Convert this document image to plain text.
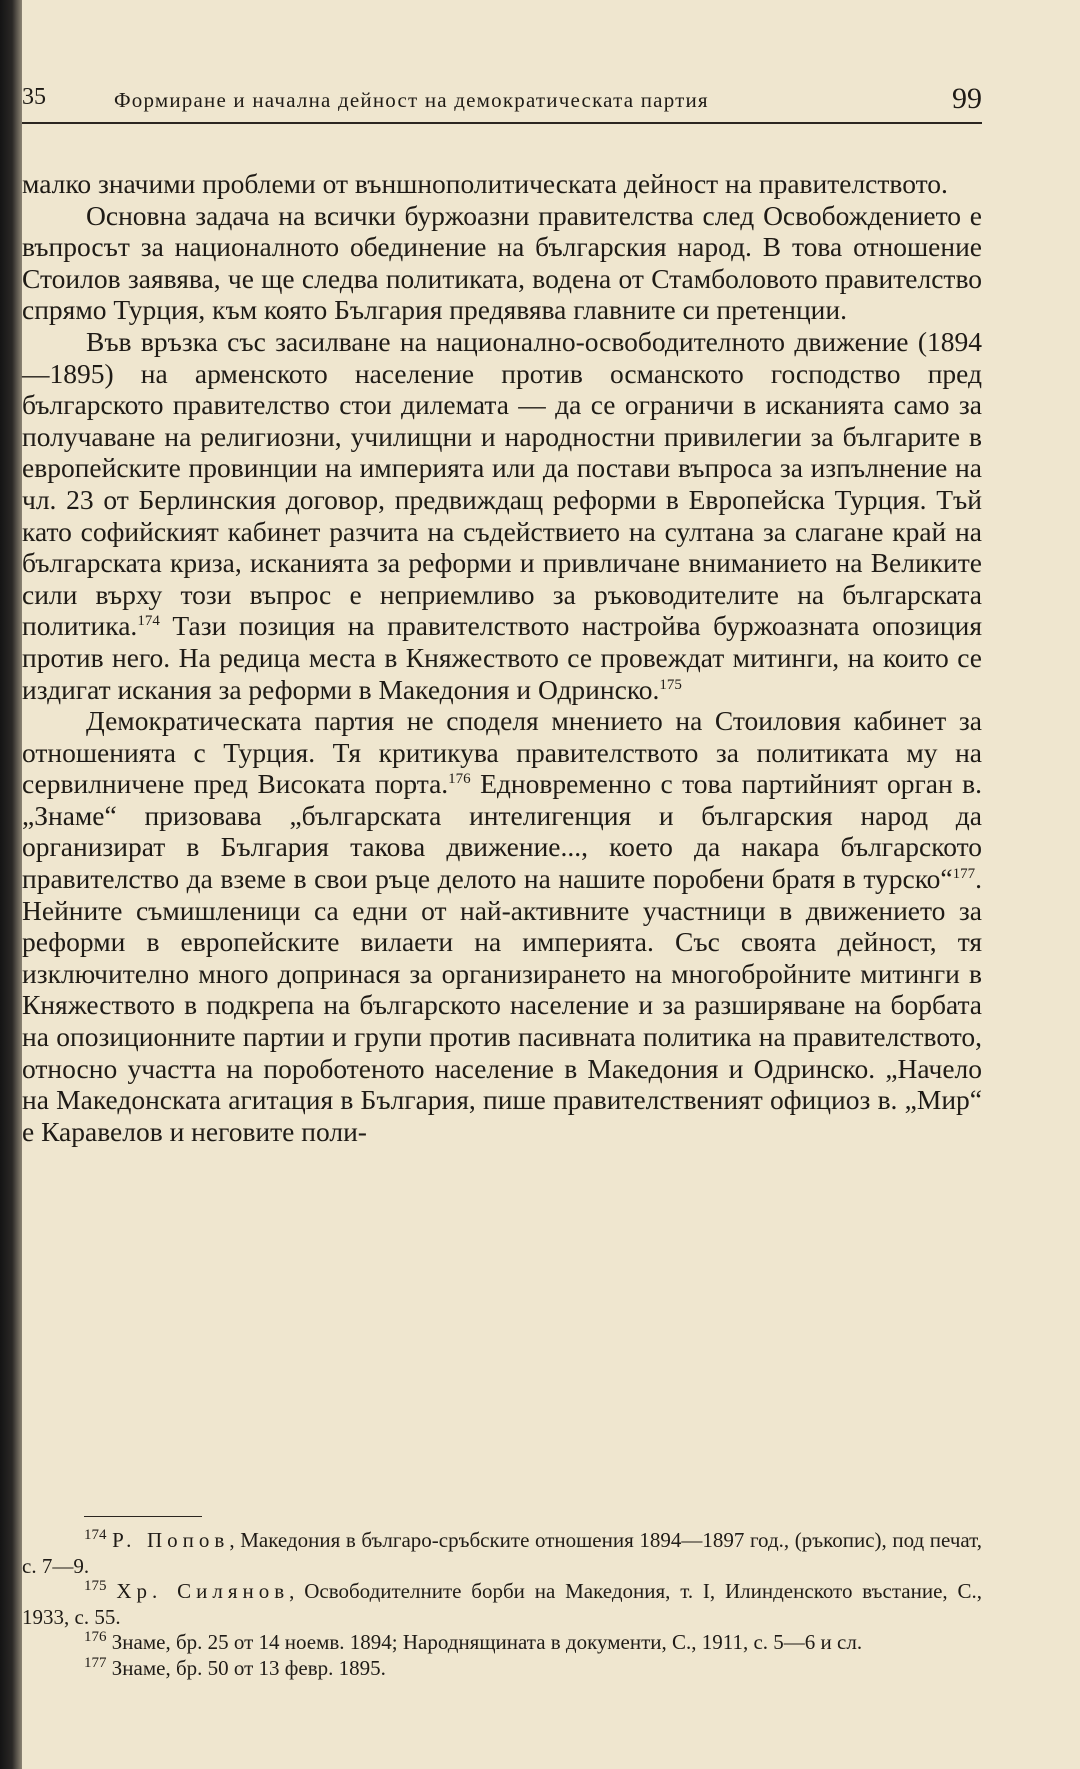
35	Формиране и начална дейност на демократическата партия	99

малко значими проблеми от външнополитическата дейност на правителството.

Основна задача на всички буржоазни правителства след Освобождението е въпросът за националното обединение на българския народ. В това отношение Стоилов заявява, че ще следва политиката, водена от Стамболовото правителство спрямо Турция, към която България предявява главните си претенции.

Във връзка със засилване на национално-освободителното движение (1894—1895) на арменското население против османското господство пред българското правителство стои дилемата — да се ограничи в исканията само за получаване на религиозни, училищни и народностни привилегии за българите в европейските провинции на империята или да постави въпроса за изпълнение на чл. 23 от Берлинския договор, предвиждащ реформи в Европейска Турция. Тъй като софийският кабинет разчита на съдействието на султана за слагане край на българската криза, исканията за реформи и привличане вниманието на Великите сили върху този въпрос е неприемливо за ръководителите на българската политика.$^{174}$ Тази позиция на правителството настройва буржоазната опозиция против него. На редица места в Княжеството се провеждат митинги, на които се издигат искания за реформи в Македония и Одринско.$^{175}$

Демократическата партия не споделя мнението на Стоиловия кабинет за отношенията с Турция. Тя критикува правителството за политиката му на сервилничене пред Високата порта.$^{176}$ Едновременно с това партийният орган в. „Знаме“ призовава „българската интелигенция и българския народ да организират в България такова движение..., което да накара българското правителство да вземе в свои ръце делото на нашите поробени братя в турско“$^{177}$. Нейните съмишленици са едни от най-активните участници в движението за реформи в европейските вилаети на империята. Със своята дейност, тя изключително много допринася за организирането на многобройните митинги в Княжеството в подкрепа на българското население и за разширяване на борбата на опозиционните партии и групи против пасивната политика на правителството, относно участта на пороботеното население в Македония и Одринско. „Начело на Македонската агитация в България, пише правителственият официоз в. „Мир“ е Каравелов и неговите поли-

$^{174}$ Р. Попов, Македония в българо-сръбските отношения 1894—1897 год., (ръкопис), под печат, с. 7—9.

$^{175}$ Хр. Силянов, Освободителните борби на Македония, т. I, Илинденското въстание, С., 1933, с. 55.

$^{176}$ Знаме, бр. 25 от 14 ноемв. 1894; Народнящината в документи, С., 1911, с. 5—6 и сл.

$^{177}$ Знаме, бр. 50 от 13 февр. 1895.
